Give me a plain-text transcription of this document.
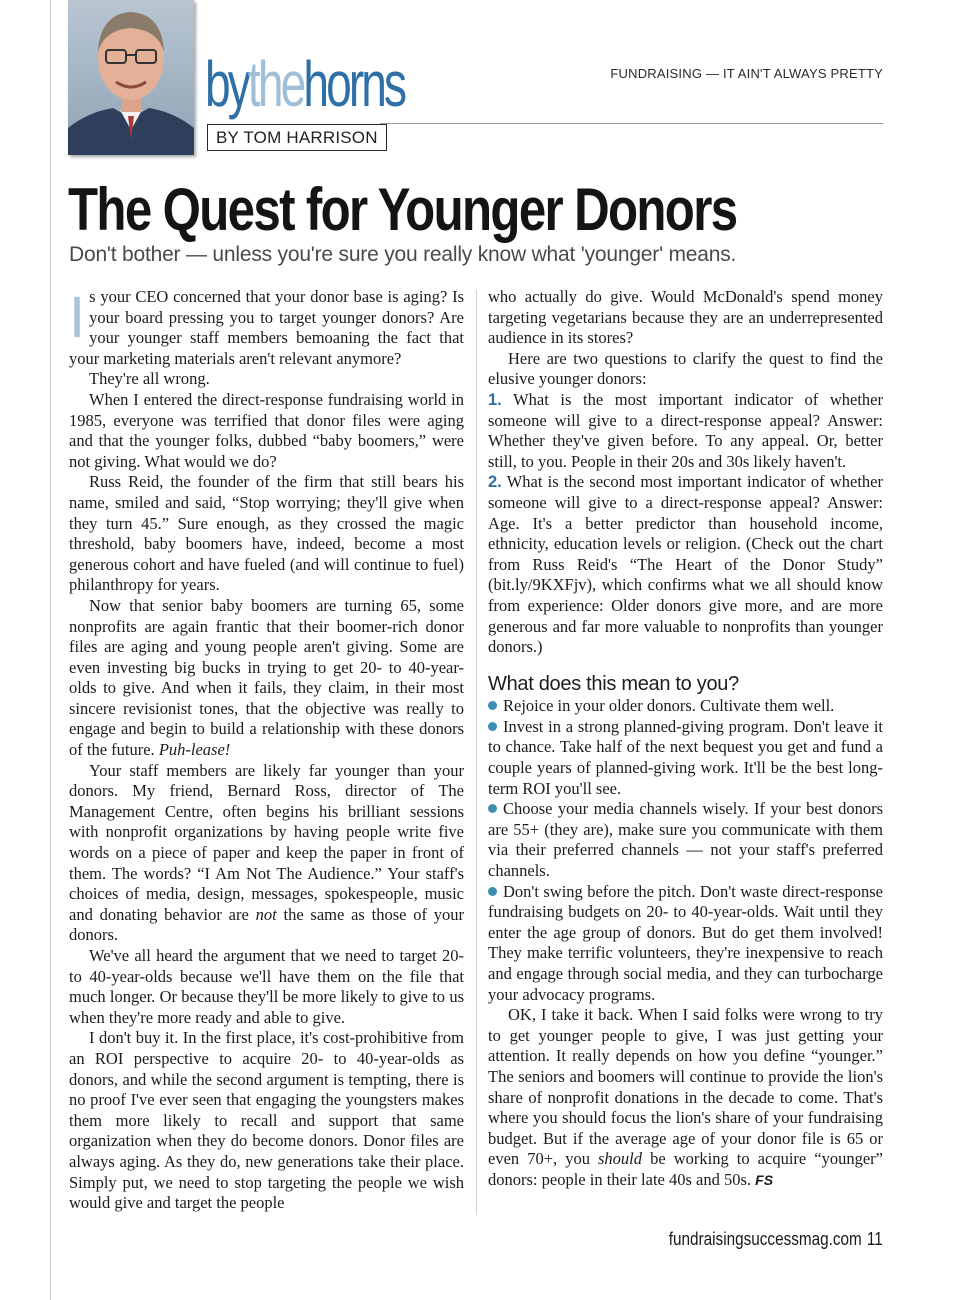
bythehorns
BY TOM HARRISON
FUNDRAISING — IT AIN'T ALWAYS PRETTY
The Quest for Younger Donors
Don't bother — unless you're sure you really know what 'younger' means.

Is your CEO concerned that your donor base is aging? Is your board pressing you to target younger donors? Are your younger staff members bemoaning the fact that your marketing materials aren't relevant anymore?

They're all wrong.

When I entered the direct-response fundraising world in 1985, everyone was terrified that donor files were aging and that the younger folks, dubbed “baby boomers,” were not giving. What would we do?

Russ Reid, the founder of the firm that still bears his name, smiled and said, “Stop worrying; they'll give when they turn 45.” Sure enough, as they crossed the magic threshold, baby boomers have, indeed, become a most generous cohort and have fueled (and will continue to fuel) philanthropy for years.

Now that senior baby boomers are turning 65, some nonprofits are again frantic that their boomer-rich donor files are aging and young people aren't giving. Some are even investing big bucks in trying to get 20- to 40-year-olds to give. And when it fails, they claim, in their most sincere revisionist tones, that the objective was really to engage and begin to build a relationship with these donors of the future. Puh-lease!

Your staff members are likely far younger than your donors. My friend, Bernard Ross, director of The Management Centre, often begins his brilliant sessions with nonprofit organizations by having people write five words on a piece of paper and keep the paper in front of them. The words? “I Am Not The Audience.” Your staff's choices of media, design, messages, spokespeople, music and donating behavior are not the same as those of your donors.

We've all heard the argument that we need to target 20- to 40-year-olds because we'll have them on the file that much longer. Or because they'll be more likely to give to us when they're more ready and able to give.

I don't buy it. In the first place, it's cost-prohibitive from an ROI perspective to acquire 20- to 40-year-olds as donors, and while the second argument is tempting, there is no proof I've ever seen that engaging the youngsters makes them more likely to recall and support that same organization when they do become donors. Donor files are always aging. As they do, new generations take their place. Simply put, we need to stop targeting the people we wish would give and target the people

who actually do give. Would McDonald's spend money targeting vegetarians because they are an underrepresented audience in its stores?

Here are two questions to clarify the quest to find the elusive younger donors:

1. What is the most important indicator of whether someone will give to a direct-response appeal? Answer: Whether they've given before. To any appeal. Or, better still, to you. People in their 20s and 30s likely haven't.

2. What is the second most important indicator of whether someone will give to a direct-response appeal? Answer: Age. It's a better predictor than household income, ethnicity, education levels or religion. (Check out the chart from Russ Reid's “The Heart of the Donor Study” (bit.ly/9KXFjv), which confirms what we all should know from experience: Older donors give more, and are more generous and far more valuable to nonprofits than younger donors.)

What does this mean to you?

Rejoice in your older donors. Cultivate them well.

Invest in a strong planned-giving program. Don't leave it to chance. Take half of the next bequest you get and fund a couple years of planned-giving work. It'll be the best long-term ROI you'll see.

Choose your media channels wisely. If your best donors are 55+ (they are), make sure you communicate with them via their preferred channels — not your staff's preferred channels.

Don't swing before the pitch. Don't waste direct-response fundraising budgets on 20- to 40-year-olds. Wait until they enter the age group of donors. But do get them involved! They make terrific volunteers, they're inexpensive to reach and engage through social media, and they can turbocharge your advocacy programs.

OK, I take it back. When I said folks were wrong to try to get younger people to give, I was just getting your attention. It really depends on how you define “younger.” The seniors and boomers will continue to provide the lion's share of nonprofit donations in the decade to come. That's where you should focus the lion's share of your fundraising budget. But if the average age of your donor file is 65 or even 70+, you should be working to acquire “younger” donors: people in their late 40s and 50s. FS

fundraisingsuccessmag.com 11
